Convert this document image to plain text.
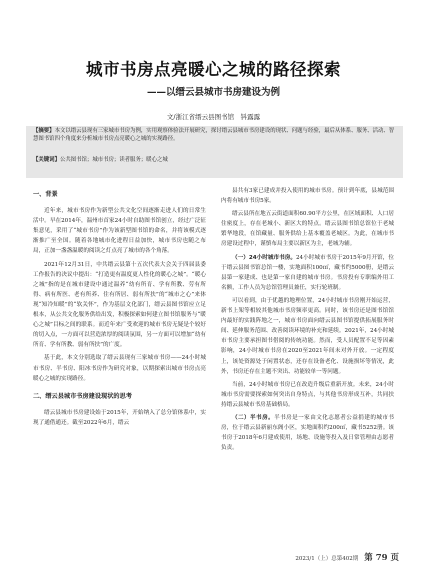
城市书房点亮暖心之城的路径探索
——以缙云县城市书房建设为例
文/浙江省缙云县图书馆　钭露露
【摘要】本文以缙云县现有三家城市书房为例，实用观察体验法开展研究，探讨缙云县城市书房建设的现状、问题与经验，最后从体系、服务、活动、智慧图书馆四个角度来分析城市书房点亮暖心之城的实现路径。
【关键词】公共图书馆；城市书房；读者服务；暖心之城
一、背景

近年来，城市书房作为新型公共文化空间逐渐走进人们的日常生活中。早在2014年，温州市首家24小时自助图书馆创立，经过广泛征集意见，采用了“城市书房”作为该新型图书馆的命名，并将该模式逐渐推广至全国。随着各地城市化进程日益加快，城市书房也随之布局，正加一盏盏温暖的阅读之灯点亮了城市的各个角落。

2021年12月31日，中共缙云县第十五次代表大会关于四届县委工作报告的决议中提出：“打造更有温度更人性化的暖心之城”。“暖心之城”指的是在城市建设中通过温养“幼有所育、学有所教、劳有所得、病有所医、老有所养、住有所居、弱有所扶”的“城市之心”来体现“知冷知暖”的“软关怀”，作为基层文化部门，缙云县图书馆应立足根本，从公共文化服务供给出发，积极探索如何建立图书馆服务与“暖心之城”目标之间的联系。而近年来广受欢迎的城市书房无疑是个较好的切入点，一方面可以营造浓厚的阅读氛围，另一方面可以增加“幼有所育、学有所教、弱有所扶”的广度。

基于此，本文分别选取了缙云县现有三家城市书房——24小时城市书房、半书房、阳冰书房作为研究对象，以期探索出城市书房点亮暖心之城的实现路径。

二、缙云县城市书房建设现状的思考

缙云县城市书房建设始于2015年，开始纳入了总分馆体系中，实现了通借通还。截至2022年6月，缙云

县共有3家已建成并投入使用的城市书房。预计到年底，县城范围内将有城市书房5家。

缙云县所在地五云街道面积60.90平方公里，在区域面积、人口居住密度上，存在老城小、新区大的特点。缙云县图书馆总馆位于老城繁华地段，在馆藏量、服务供给上基本覆盖老城区。为此，在城市书房建设过程中，谨慎布局主要以新区为主，老城为辅。

（一）24小时城市书房。24小时城市书房于2015年9月开馆，位于缙云县图书馆总馆一楼，实地面积100㎡，藏书约5000册，是缙云县第一家建成、也是第一家自建的城市书房。书房投有专职编外用工名额，工作人员为总馆管理员兼任，实行轮班制。

可以看到，由于优越的地理位置，24小时城市书房刚开始运营，新书上架等相较其他城市书房频率更高。同时，该书房还是图书馆馆内最好的实践阵地之一，城市书房面向缙云县图书馆提供拓展服务时间、延伸服务范围、改善阅读环境的补充和延续。2021年，24小时城市书房主要承担图书借阅的传统功能。然而，受人员配置不足等因素影响，24小时城市书房在2020至2021年间未对外开放。一定程度上，该处资源处于闲置状态，还存在设备老化、设施损坏等情况，此外，书房还存在主题不突出、功能较单一等问题。

当前，24小时城市书房已在改造升级后重新开放。未来，24小时城市书房需要探索如何突出自身特点，与其他书房形成互补，共同扶持缙云县城市书房基础格局。

（二）半书房。半书房是一家由文化志愿者公益捐建的城市书房，位于缙云县新丽东阁小区，实地面积约200㎡，藏书5252册。该书房于2018年6月建成使用，场地、设施等投入及日常管理由志愿者负责。

2023/1（上）总第402期 第 79 页
